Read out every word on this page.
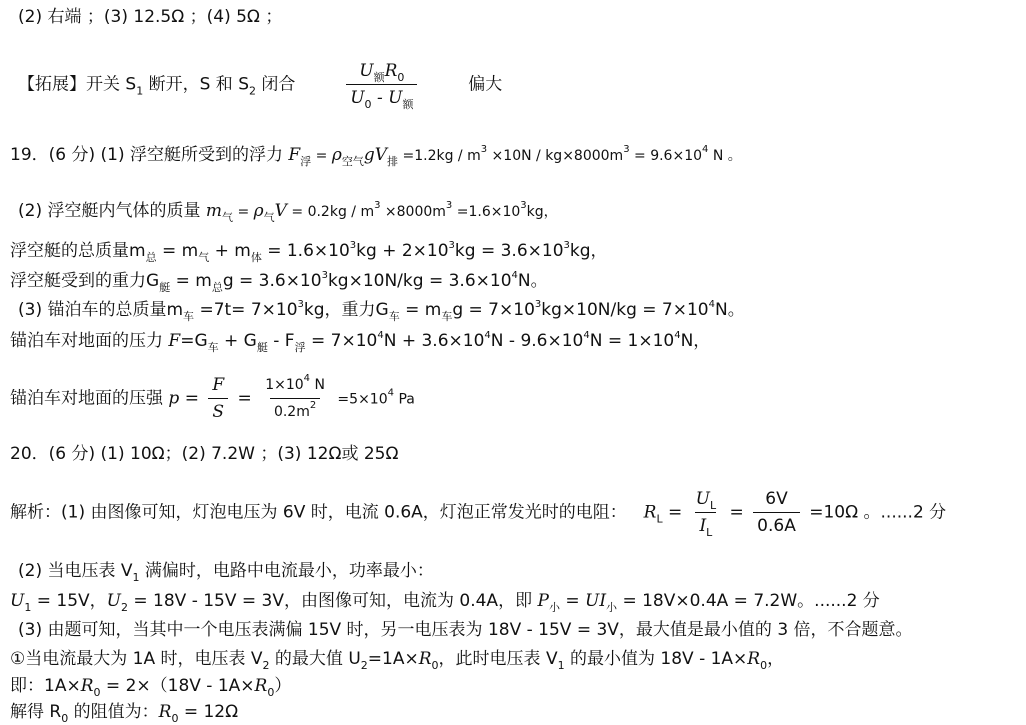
(2) 右端 ；(3) 12.5Ω ；(4) 5Ω ；
【拓展】开关 $S_1$ 断开，S 和 $S_2$ 闭合	$\frac{U_额R_0}{U_0 - U_额}$	偏大
19．(6 分) (1) 浮空艇所受到的浮力 $F_浮 = \rho_{空气}gV_排 =1.2kg / m^3 \times 10N / kg\times 8000m^3 = 9.6\times 10^4$ N 。
(2) 浮空艇内气体的质量 $m_气 = \rho_气V = 0.2kg / m^3 \times 8000m^3 =1.6\times 10^3kg$，
浮空艇的总质量$m_总 = m_气 + m_体 = 1.6\times 10^3kg + 2\times 10^3kg = 3.6\times 10^3kg$，
浮空艇受到的重力$G_艇 = m_总g = 3.6\times 10^3kg\times 10N/kg = 3.6\times 10^4N$。
(3) 锚泊车的总质量$m_车 =7t= 7\times 10^3kg$，重力$G_车 = m_车g = 7\times 10^3kg\times 10N/kg = 7\times 10^4N$。
锚泊车对地面的压力 $F=G_车 + G_艇 - F_浮 = 7\times 10^4N + 3.6\times 10^4N - 9.6\times 10^4N = 1\times 10^4N$，
锚泊车对地面的压强 $p = \frac{F}{S} = \frac{1\times 10^4 N}{0.2m^2} =5\times 10^4$ Pa
20．(6 分) (1) 10Ω；(2) 7.2W ；(3) 12Ω或 25Ω
解析：(1) 由图像可知，灯泡电压为 6V 时，电流 0.6A，灯泡正常发光时的电阻： $R_L = \frac{U_L}{I_L} = \frac{6V}{0.6A} =10\Omega$ 。......2 分
(2) 当电压表 $V_1$ 满偏时，电路中电流最小，功率最小：
$U_1 = 15V$，$U_2 = 18V - 15V = 3V$，由图像可知，电流为 0.4A，即 $P_小 = UI_小 = 18V\times 0.4A = 7.2W$。......2 分
(3) 由题可知，当其中一个电压表满偏 15V 时，另一电压表为 18V - 15V = 3V，最大值是最小值的 3 倍，不合题意。
①当电流最大为 1A 时，电压表 $V_2$ 的最大值 $U_2=1A\times R_0$，此时电压表 $V_1$ 的最小值为 $18V - 1A\times R_0$，
即：$1A\times R_0 = 2\times(18V - 1A\times R_0)$
解得 $R_0$ 的阻值为：$R_0 = 12\Omega$
